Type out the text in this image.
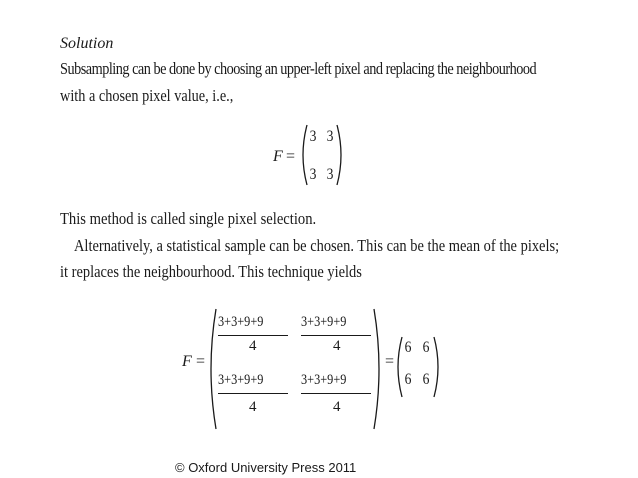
Solution
Subsampling can be done by choosing an upper-left pixel and replacing the neighbourhood
with a chosen pixel value, i.e.,
F =
3 3
3 3
This method is called single pixel selection.
Alternatively, a statistical sample can be chosen. This can be the mean of the pixels;
it replaces the neighbourhood. This technique yields
F =
3+3+9+9
4
3+3+9+9
4
3+3+9+9
4
3+3+9+9
4
=
6 6
6 6
© Oxford University Press 2011
